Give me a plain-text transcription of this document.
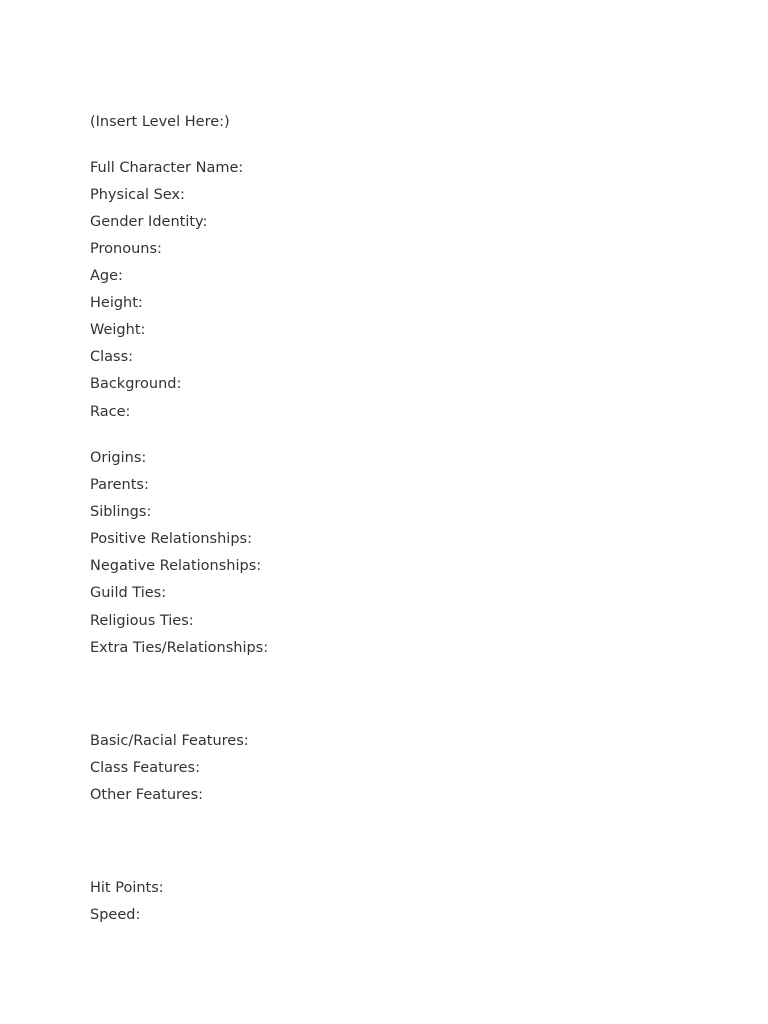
(Insert Level Here:)
Full Character Name:
Physical Sex:
Gender Identity:
Pronouns:
Age:
Height:
Weight:
Class:
Background:
Race:
Origins:
Parents:
Siblings:
Positive Relationships:
Negative Relationships:
Guild Ties:
Religious Ties:
Extra Ties/Relationships:
Basic/Racial Features:
Class Features:
Other Features:
Hit Points:
Speed:
